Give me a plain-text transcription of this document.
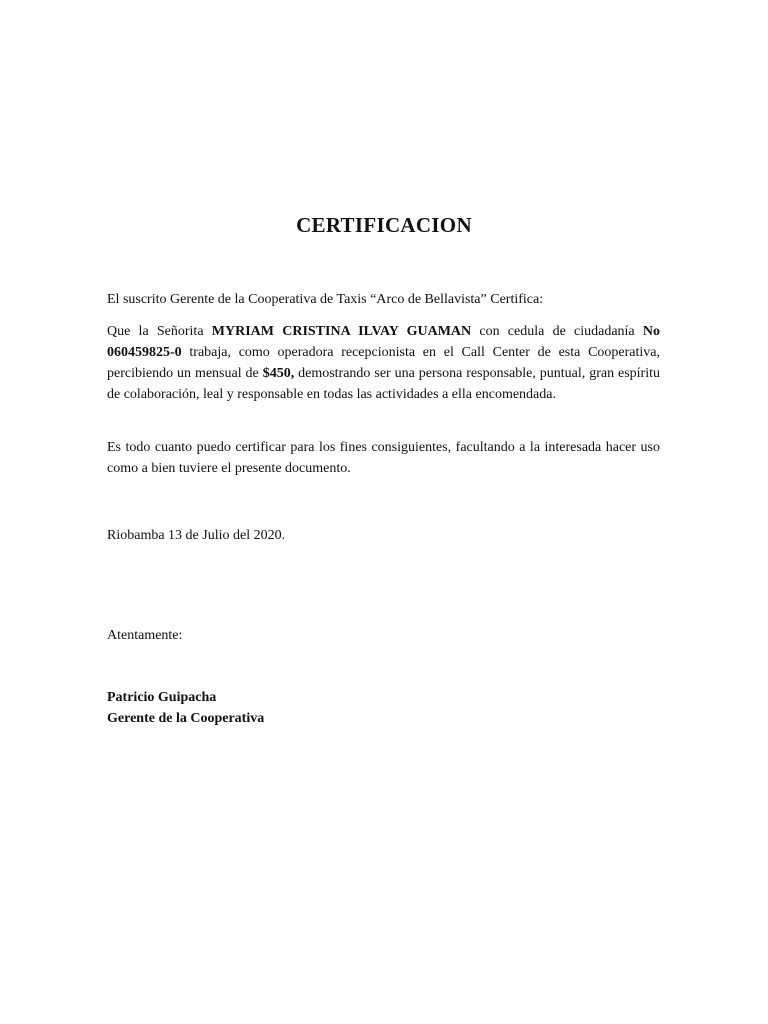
CERTIFICACION

El suscrito Gerente de la Cooperativa de Taxis “Arco de Bellavista” Certifica:

Que la Señorita MYRIAM CRISTINA ILVAY GUAMAN con cedula de ciudadanía No 060459825-0 trabaja, como operadora recepcionista en el Call Center de esta Cooperativa, percibiendo un mensual de $450, demostrando ser una persona responsable, puntual, gran espíritu de colaboración, leal y responsable en todas las actividades a ella encomendada.

Es todo cuanto puedo certificar para los fines consiguientes, facultando a la interesada hacer uso como a bien tuviere el presente documento.

Riobamba 13 de Julio del 2020.

Atentamente:

Patricio Guipacha
Gerente de la Cooperativa
